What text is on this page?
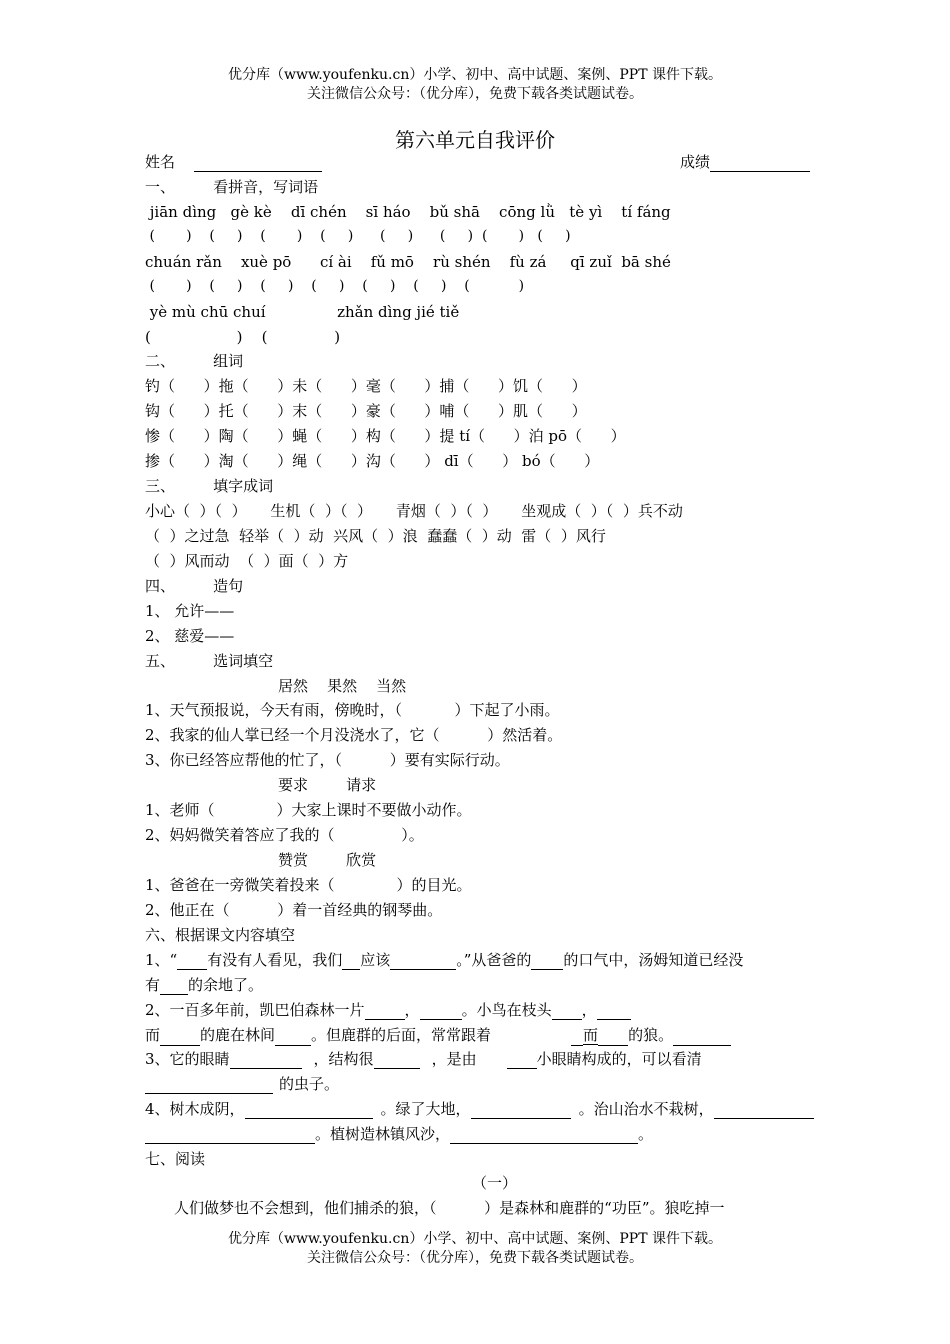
优分库（www.youfenku.cn）小学、初中、高中试题、案例、PPT 课件下载。
关注微信公众号：（优分库），免费下载各类试题试卷。
第六单元自我评价
姓名	成绩
一、        看拼音，写词语
jiān dìng   gè kè    dī chén    sī háo    bǔ shā    cōng lǜ   tè yì    tí fáng
(       )    (     )    (       )    (     )      (     )      (     )  (       )   (     )
chuán rǎn    xuè pō      cí ài    fǔ mō    rù shén    fù zá     qī zuǐ  bā shé
(       )    (     )    (     )    (     )    (     )    (     )    (           )
yè mù chū chuí               zhǎn dìng jié tiě
(                  )    (              )
二、        组词
钓（      ）拖（      ）未（      ）毫（      ）捕（      ）饥（      ）
钩（      ）托（      ）末（      ）豪（      ）哺（      ）肌（      ）
惨（      ）陶（      ）蝇（      ）构（      ）提 tí（      ）泊 pō（      ）
掺（      ）淘（      ）绳（      ）沟（      ） dī（      ） bó（      ）
三、        填字成词
小心（  ）（  ）     生机（  ）（  ）     青烟（  ）（  ）     坐观成（  ）（  ）兵不动
（  ）之过急  轻举（  ）动  兴风（  ）浪  蠢蠢（  ）动  雷（  ）风行
（  ）风而动  （  ）面（  ）方
四、        造句
1、 允许——
2、 慈爱——
五、        选词填空
居然    果然    当然
1、天气预报说，今天有雨，傍晚时，（           ）下起了小雨。
2、我家的仙人掌已经一个月没浇水了，它（          ）然活着。
3、你已经答应帮他的忙了，（          ）要有实际行动。
要求        请求
1、老师（             ）大家上课时不要做小动作。
2、妈妈微笑着答应了我的（              ）。
赞赏        欣赏
1、爸爸在一旁微笑着投来（             ）的目光。
2、他正在（          ）着一首经典的钢琴曲。
六、根据课文内容填空
1、“ 有没有人看见，我们 应该	。”从爸爸的 的口气中，汤姆知道已经没
有 的余地了。
2、一百多年前，凯巴伯森林一片	，	。小鸟在枝头 ，
而	的鹿在林间 。但鹿群的后面，常常跟着	而 的狼。
3、它的眼睛	，结构很	，是由	小眼睛构成的，可以看清
的虫子。
4、树木成阴，	。绿了大地，	。治山治水不栽树，
。植树造林镇风沙，	。
七、阅读
（一）
人们做梦也不会想到，他们捕杀的狼，（          ）是森林和鹿群的“功臣”。狼吃掉一
优分库（www.youfenku.cn）小学、初中、高中试题、案例、PPT 课件下载。
关注微信公众号：（优分库），免费下载各类试题试卷。
